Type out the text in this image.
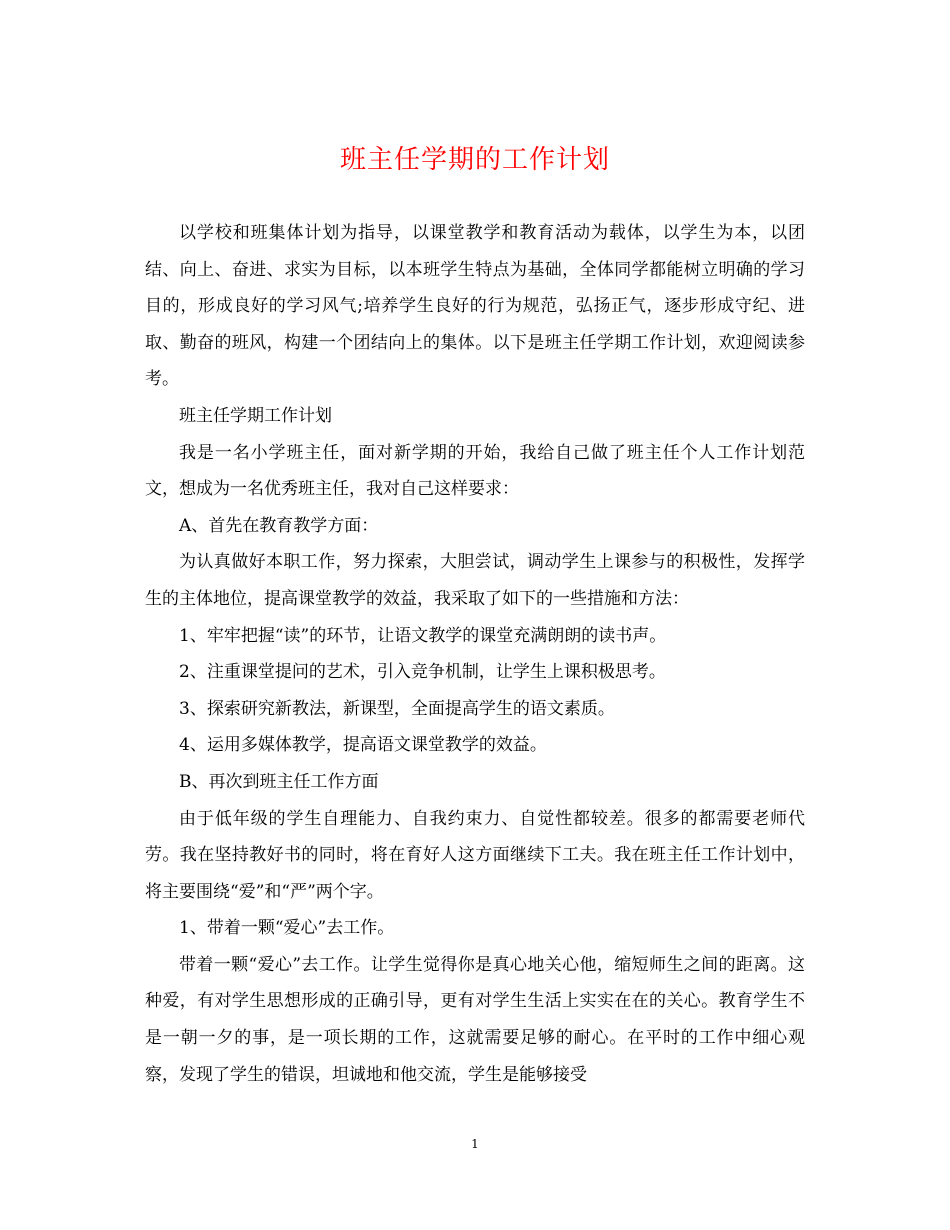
班主任学期的工作计划

以学校和班集体计划为指导，以课堂教学和教育活动为载体，以学生为本，以团结、向上、奋进、求实为目标，以本班学生特点为基础，全体同学都能树立明确的学习目的，形成良好的学习风气;培养学生良好的行为规范，弘扬正气，逐步形成守纪、进取、勤奋的班风，构建一个团结向上的集体。以下是班主任学期工作计划，欢迎阅读参考。

班主任学期工作计划

我是一名小学班主任，面对新学期的开始，我给自己做了班主任个人工作计划范文，想成为一名优秀班主任，我对自己这样要求：

A、首先在教育教学方面：

为认真做好本职工作，努力探索，大胆尝试，调动学生上课参与的积极性，发挥学生的主体地位，提高课堂教学的效益，我采取了如下的一些措施和方法：

1、牢牢把握“读”的环节，让语文教学的课堂充满朗朗的读书声。

2、注重课堂提问的艺术，引入竞争机制，让学生上课积极思考。

3、探索研究新教法，新课型，全面提高学生的语文素质。

4、运用多媒体教学，提高语文课堂教学的效益。

B、再次到班主任工作方面

由于低年级的学生自理能力、自我约束力、自觉性都较差。很多的都需要老师代劳。我在坚持教好书的同时，将在育好人这方面继续下工夫。我在班主任工作计划中，将主要围绕“爱”和“严”两个字。

1、带着一颗“爱心”去工作。

带着一颗“爱心”去工作。让学生觉得你是真心地关心他，缩短师生之间的距离。这种爱，有对学生思想形成的正确引导，更有对学生生活上实实在在的关心。教育学生不是一朝一夕的事，是一项长期的工作，这就需要足够的耐心。在平时的工作中细心观察，发现了学生的错误，坦诚地和他交流，学生是能够接受

1
